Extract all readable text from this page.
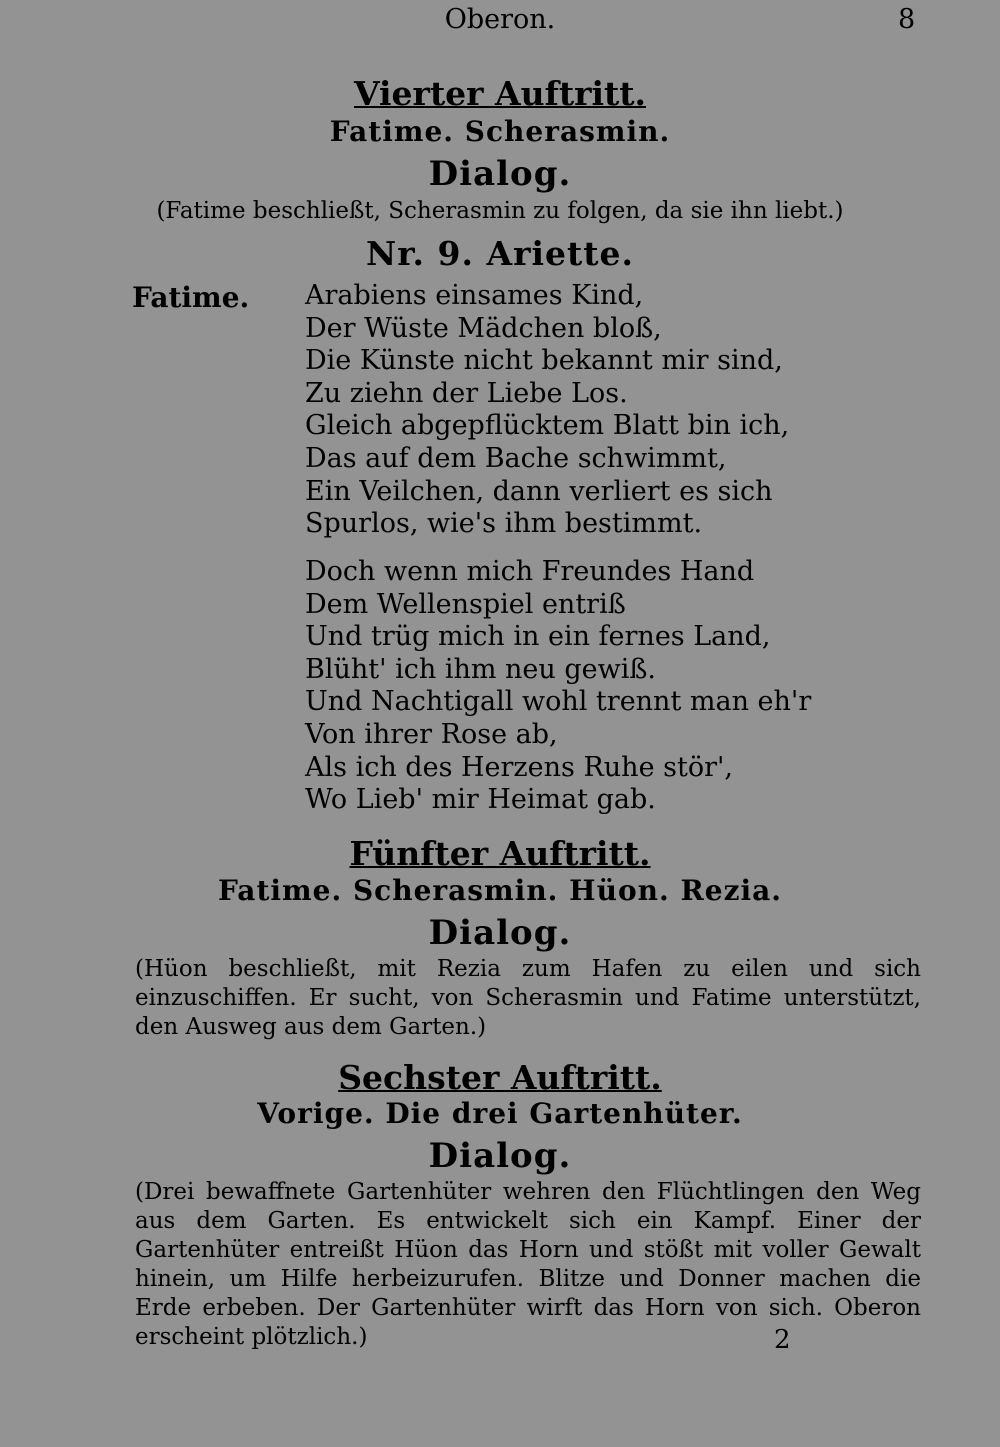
Oberon.	8
Vierter Auftritt.
Fatime. Scherasmin.
Dialog.
(Fatime beschließt, Scherasmin zu folgen, da sie ihn liebt.)
Nr. 9. Ariette.
Fatime. Arabiens einsames Kind,
Der Wüste Mädchen bloß,
Die Künste nicht bekannt mir sind,
Zu ziehn der Liebe Los.
Gleich abgepflücktem Blatt bin ich,
Das auf dem Bache schwimmt,
Ein Veilchen, dann verliert es sich
Spurlos, wie's ihm bestimmt.
Doch wenn mich Freundes Hand
Dem Wellenspiel entriß
Und trüg mich in ein fernes Land,
Blüht' ich ihm neu gewiß.
Und Nachtigall wohl trennt man eh'r
Von ihrer Rose ab,
Als ich des Herzens Ruhe stör',
Wo Lieb' mir Heimat gab.
Fünfter Auftritt.
Fatime. Scherasmin. Hüon. Rezia.
Dialog.
(Hüon beschließt, mit Rezia zum Hafen zu eilen und sich einzuschiffen. Er sucht, von Scherasmin und Fatime unterstützt, den Ausweg aus dem Garten.)
Sechster Auftritt.
Vorige. Die drei Gartenhüter.
Dialog.
(Drei bewaffnete Gartenhüter wehren den Flüchtlingen den Weg aus dem Garten. Es entwickelt sich ein Kampf. Einer der Gartenhüter entreißt Hüon das Horn und stößt mit voller Gewalt hinein, um Hilfe herbeizurufen. Blitze und Donner machen die Erde erbeben. Der Gartenhüter wirft das Horn von sich. Oberon erscheint plötzlich.)	2
